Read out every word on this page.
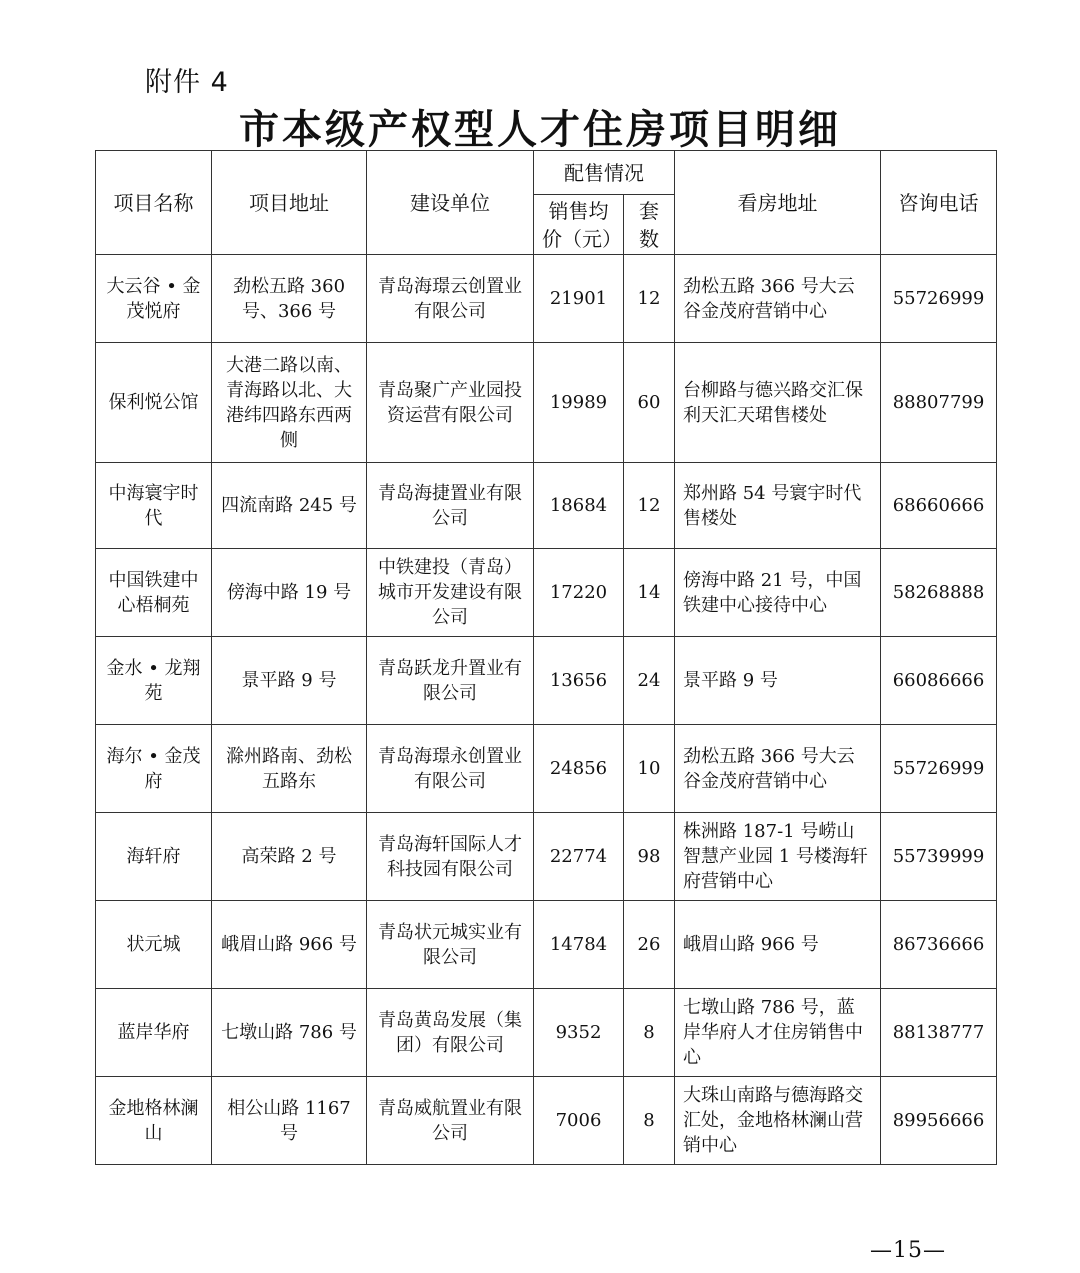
附件 4
市本级产权型人才住房项目明细
项目名称	项目地址	建设单位	配售情况		看房地址	咨询电话
			销售均价（元）	套数		
大云谷 • 金茂悦府	劲松五路 360 号、366 号	青岛海璟云创置业有限公司	21901	12	劲松五路 366 号大云谷金茂府营销中心	55726999
保利悦公馆	大港二路以南、青海路以北、大港纬四路东西两侧	青岛聚广产业园投资运营有限公司	19989	60	台柳路与德兴路交汇保利天汇天珺售楼处	88807799
中海寰宇时代	四流南路 245 号	青岛海捷置业有限公司	18684	12	郑州路 54 号寰宇时代售楼处	68660666
中国铁建中心梧桐苑	傍海中路 19 号	中铁建投（青岛）城市开发建设有限公司	17220	14	傍海中路 21 号，中国铁建中心接待中心	58268888
金水 • 龙翔苑	景平路 9 号	青岛跃龙升置业有限公司	13656	24	景平路 9 号	66086666
海尔 • 金茂府	滁州路南、劲松五路东	青岛海璟永创置业有限公司	24856	10	劲松五路 366 号大云谷金茂府营销中心	55726999
海轩府	高荣路 2 号	青岛海轩国际人才科技园有限公司	22774	98	株洲路 187-1 号崂山智慧产业园 1 号楼海轩府营销中心	55739999
状元城	峨眉山路 966 号	青岛状元城实业有限公司	14784	26	峨眉山路 966 号	86736666
蓝岸华府	七墩山路 786 号	青岛黄岛发展（集团）有限公司	9352	8	七墩山路 786 号，蓝岸华府人才住房销售中心	88138777
金地格林澜山	相公山路 1167 号	青岛威航置业有限公司	7006	8	大珠山南路与德海路交汇处，金地格林澜山营销中心	89956666
—15—
